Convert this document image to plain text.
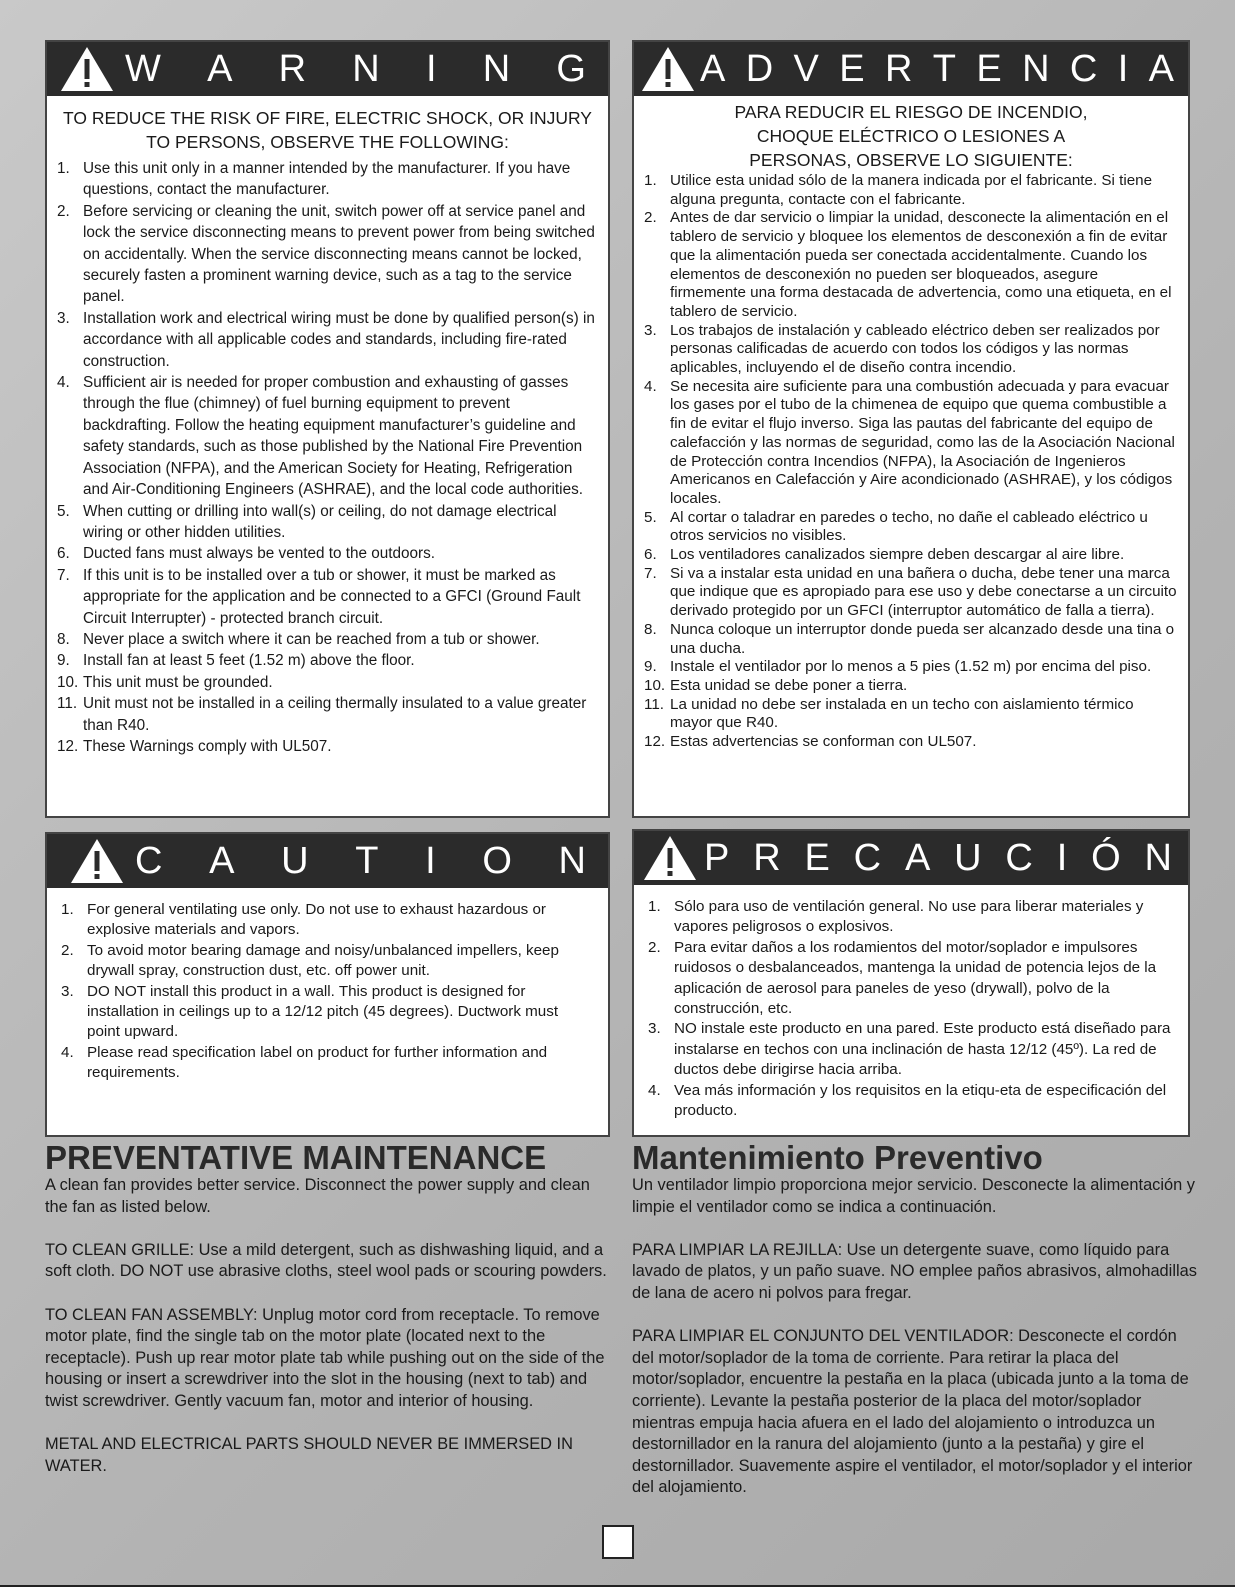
W A R N I N G
TO REDUCE THE RISK OF FIRE, ELECTRIC SHOCK, OR INJURY TO PERSONS, OBSERVE THE FOLLOWING:
1. Use this unit only in a manner intended by the manufacturer. If you have questions, contact the manufacturer.
2. Before servicing or cleaning the unit, switch power off at service panel and lock the service disconnecting means to prevent power from being switched on accidentally. When the service disconnecting means cannot be locked, securely fasten a prominent warning device, such as a tag to the service panel.
3. Installation work and electrical wiring must be done by qualified person(s) in accordance with all applicable codes and standards, including fire-rated construction.
4. Sufficient air is needed for proper combustion and exhausting of gasses through the flue (chimney) of fuel burning equipment to prevent backdrafting. Follow the heating equipment manufacturer’s guideline and safety standards, such as those published by the National Fire Prevention Association (NFPA), and the American Society for Heating, Refrigeration and Air-Conditioning Engineers (ASHRAE), and the local code authorities.
5. When cutting or drilling into wall(s) or ceiling, do not damage electrical wiring or other hidden utilities.
6. Ducted fans must always be vented to the outdoors.
7. If this unit is to be installed over a tub or shower, it must be marked as appropriate for the application and be connected to a GFCI (Ground Fault Circuit Interrupter) - protected branch circuit.
8. Never place a switch where it can be reached from a tub or shower.
9. Install fan at least 5 feet (1.52 m) above the floor.
10. This unit must be grounded.
11. Unit must not be installed in a ceiling thermally insulated to a value greater than R40.
12. These Warnings comply with UL507.
A D V E R T E N C I A
PARA REDUCIR EL RIESGO DE INCENDIO, CHOQUE ELÉCTRICO O LESIONES A PERSONAS, OBSERVE LO SIGUIENTE:
1. Utilice esta unidad sólo de la manera indicada por el fabricante. Si tiene alguna pregunta, contacte con el fabricante.
2. Antes de dar servicio o limpiar la unidad, desconecte la alimentación en el tablero de servicio y bloquee los elementos de desconexión a fin de evitar que la alimentación pueda ser conectada accidentalmente. Cuando los elementos de desconexión no pueden ser bloqueados, asegure firmemente una forma destacada de advertencia, como una etiqueta, en el tablero de servicio.
3. Los trabajos de instalación y cableado eléctrico deben ser realizados por personas calificadas de acuerdo con todos los códigos y las normas aplicables, incluyendo el de diseño contra incendio.
4. Se necesita aire suficiente para una combustión adecuada y para evacuar los gases por el tubo de la chimenea de equipo que quema combustible a fin de evitar el flujo inverso. Siga las pautas del fabricante del equipo de calefacción y las normas de seguridad, como las de la Asociación Nacional de Protección contra Incendios (NFPA), la Asociación de Ingenieros Americanos en Calefacción y Aire acondicionado (ASHRAE), y los códigos locales.
5. Al cortar o taladrar en paredes o techo, no dañe el cableado eléctrico u otros servicios no visibles.
6. Los ventiladores canalizados siempre deben descargar al aire libre.
7. Si va a instalar esta unidad en una bañera o ducha, debe tener una marca que indique que es apropiado para ese uso y debe conectarse a un circuito derivado protegido por un GFCI (interruptor automático de falla a tierra).
8. Nunca coloque un interruptor donde pueda ser alcanzado desde una tina o una ducha.
9. Instale el ventilador por lo menos a 5 pies (1.52 m) por encima del piso.
10. Esta unidad se debe poner a tierra.
11. La unidad no debe ser instalada en un techo con aislamiento térmico mayor que R40.
12. Estas advertencias se conforman con UL507.
C A U T I O N
1. For general ventilating use only. Do not use to exhaust hazardous or explosive materials and vapors.
2. To avoid motor bearing damage and noisy/unbalanced impellers, keep drywall spray, construction dust, etc. off power unit.
3. DO NOT install this product in a wall. This product is designed for installation in ceilings up to a 12/12 pitch (45 degrees). Ductwork must point upward.
4. Please read specification label on product for further information and requirements.
P R E C A U C I Ó N
1. Sólo para uso de ventilación general. No use para liberar materiales y vapores peligrosos o explosivos.
2. Para evitar daños a los rodamientos del motor/soplador e impulsores ruidosos o desbalanceados, mantenga la unidad de potencia lejos de la aplicación de aerosol para paneles de yeso (drywall), polvo de la construcción, etc.
3. NO instale este producto en una pared. Este producto está diseñado para instalarse en techos con una inclinación de hasta 12/12 (45º). La red de ductos debe dirigirse hacia arriba.
4. Vea más información y los requisitos en la etiqu-eta de especificación del producto.
PREVENTATIVE MAINTENANCE

A clean fan provides better service. Disconnect the power supply and clean the fan as listed below.

TO CLEAN GRILLE: Use a mild detergent, such as dishwashing liquid, and a soft cloth. DO NOT use abrasive cloths, steel wool pads or scouring powders.

TO CLEAN FAN ASSEMBLY: Unplug motor cord from receptacle. To remove motor plate, find the single tab on the motor plate (located next to the receptacle). Push up rear motor plate tab while pushing out on the side of the housing or insert a screwdriver into the slot in the housing (next to tab) and twist screwdriver. Gently vacuum fan, motor and interior of housing.

METAL AND ELECTRICAL PARTS SHOULD NEVER BE IMMERSED IN WATER.

Mantenimiento Preventivo

Un ventilador limpio proporciona mejor servicio. Desconecte la alimentación y limpie el ventilador como se indica a continuación.

PARA LIMPIAR LA REJILLA: Use un detergente suave, como líquido para lavado de platos, y un paño suave. NO emplee paños abrasivos, almohadillas de lana de acero ni polvos para fregar.

PARA LIMPIAR EL CONJUNTO DEL VENTILADOR: Desconecte el cordón del motor/soplador de la toma de corriente. Para retirar la placa del motor/soplador, encuentre la pestaña en la placa (ubicada junto a la toma de corriente). Levante la pestaña posterior de la placa del motor/soplador mientras empuja hacia afuera en el lado del alojamiento o introduzca un destornillador en la ranura del alojamiento (junto a la pestaña) y gire el destornillador. Suavemente aspire el ventilador, el motor/soplador y el interior del alojamiento.
